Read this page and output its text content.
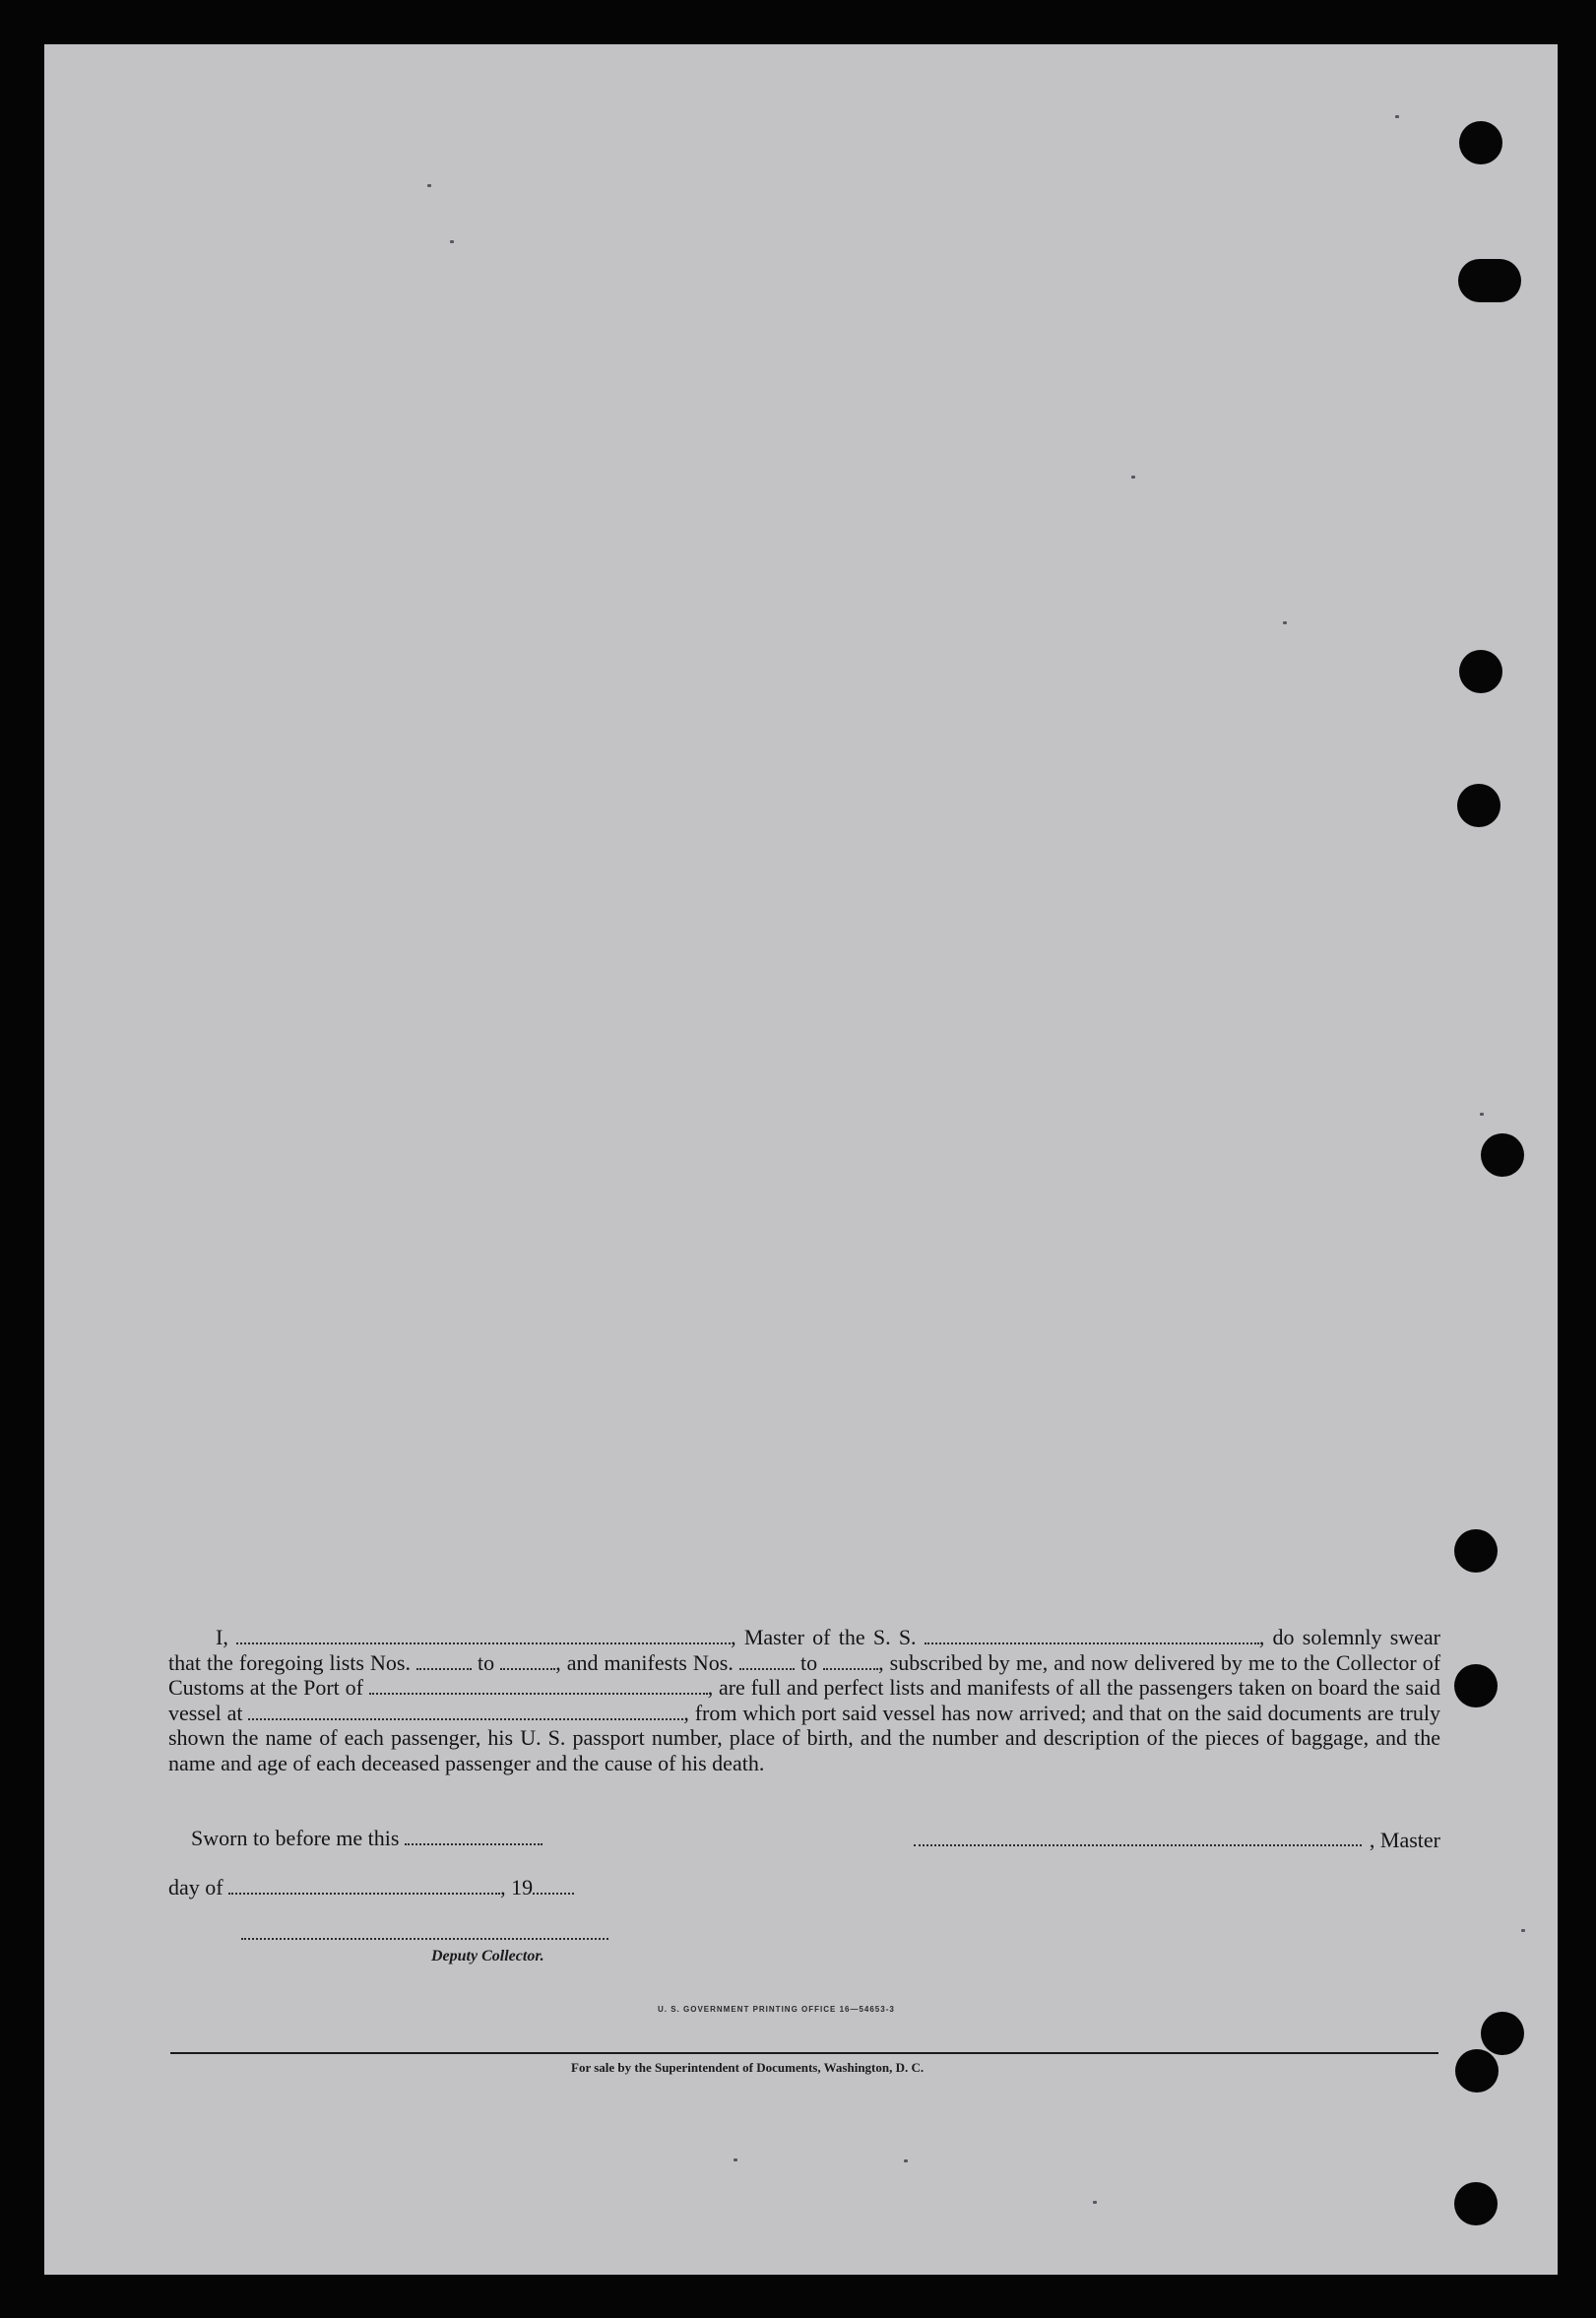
I,	, Master of the S. S.	, do solemnly swear that the foregoing lists Nos.	to	, and manifests Nos.	to	, subscribed by me, and now delivered by me to the Collector of Customs at the Port of	, are full and perfect lists and manifests of all the passengers taken on board the said vessel at	, from which port said vessel has now arrived; and that on the said documents are truly shown the name of each passenger, his U. S. passport number, place of birth, and the number and description of the pieces of baggage, and the name and age of each deceased passenger and the cause of his death.

Sworn to before me this	, Master
day of	, 19
Deputy Collector.
U. S. GOVERNMENT PRINTING OFFICE 16—54653-3
For sale by the Superintendent of Documents, Washington, D. C.
